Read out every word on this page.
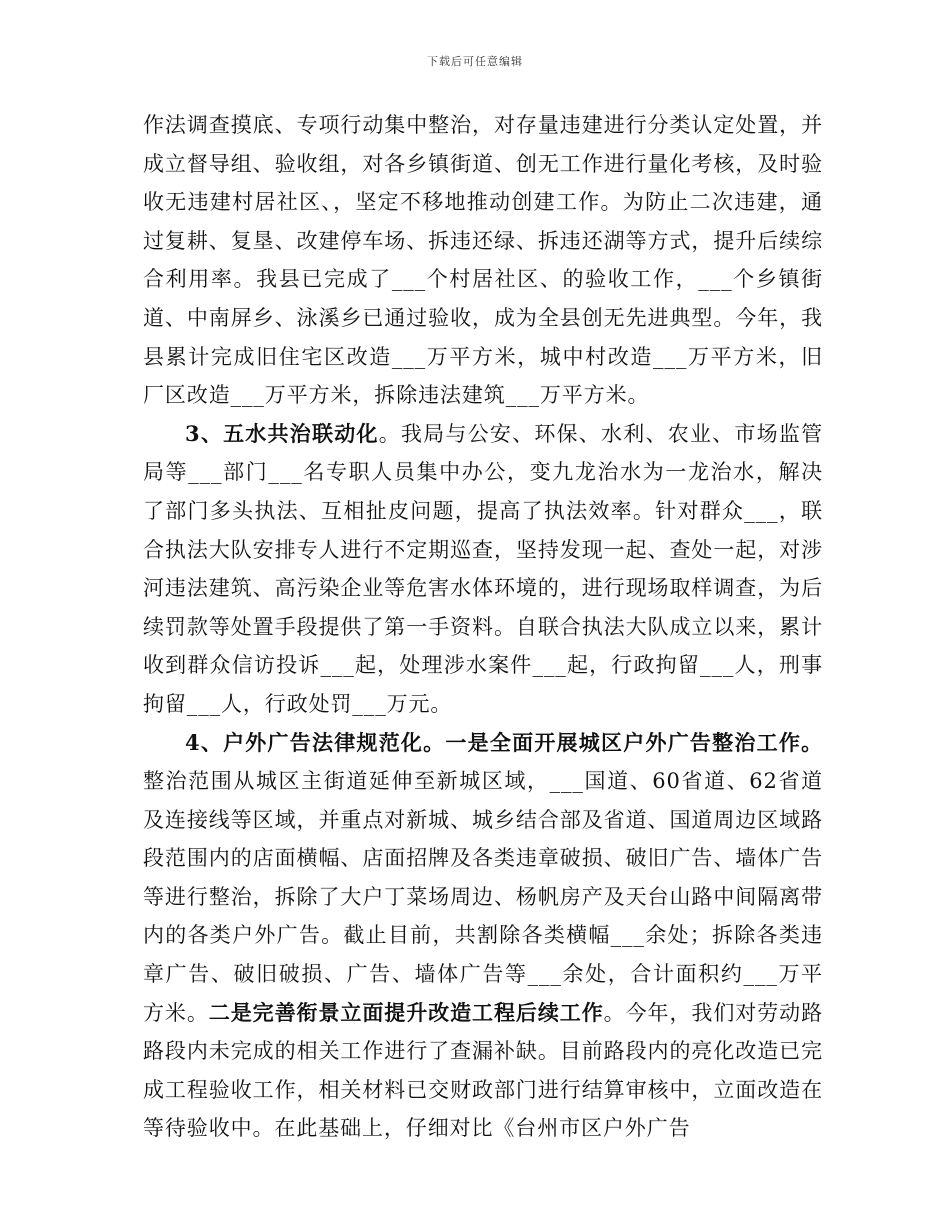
下载后可任意编辑

作法调查摸底、专项行动集中整治，对存量违建进行分类认定处置，并成立督导组、验收组，对各乡镇街道、创无工作进行量化考核，及时验收无违建村居社区、，坚定不移地推动创建工作。为防止二次违建，通过复耕、复垦、改建停车场、拆违还绿、拆违还湖等方式，提升后续综合利用率。我县已完成了___个村居社区、的验收工作，___个乡镇街道、中南屏乡、泳溪乡已通过验收，成为全县创无先进典型。今年，我县累计完成旧住宅区改造___万平方米，城中村改造___万平方米，旧厂区改造___万平方米，拆除违法建筑___万平方米。

3、五水共治联动化。我局与公安、环保、水利、农业、市场监管局等___部门___名专职人员集中办公，变九龙治水为一龙治水，解决了部门多头执法、互相扯皮问题，提高了执法效率。针对群众___，联合执法大队安排专人进行不定期巡查，坚持发现一起、查处一起，对涉河违法建筑、高污染企业等危害水体环境的，进行现场取样调查，为后续罚款等处置手段提供了第一手资料。自联合执法大队成立以来，累计收到群众信访投诉___起，处理涉水案件___起，行政拘留___人，刑事拘留___人，行政处罚___万元。

4、户外广告法律规范化。一是全面开展城区户外广告整治工作。整治范围从城区主街道延伸至新城区域，___国道、60省道、62省道及连接线等区域，并重点对新城、城乡结合部及省道、国道周边区域路段范围内的店面横幅、店面招牌及各类违章破损、破旧广告、墙体广告等进行整治，拆除了大户丁菜场周边、杨帆房产及天台山路中间隔离带内的各类户外广告。截止目前，共割除各类横幅___余处；拆除各类违章广告、破旧破损、广告、墙体广告等___余处，合计面积约___万平方米。二是完善衔景立面提升改造工程后续工作。今年，我们对劳动路路段内未完成的相关工作进行了查漏补缺。目前路段内的亮化改造已完成工程验收工作，相关材料已交财政部门进行结算审核中，立面改造在等待验收中。在此基础上，仔细对比《台州市区户外广告
